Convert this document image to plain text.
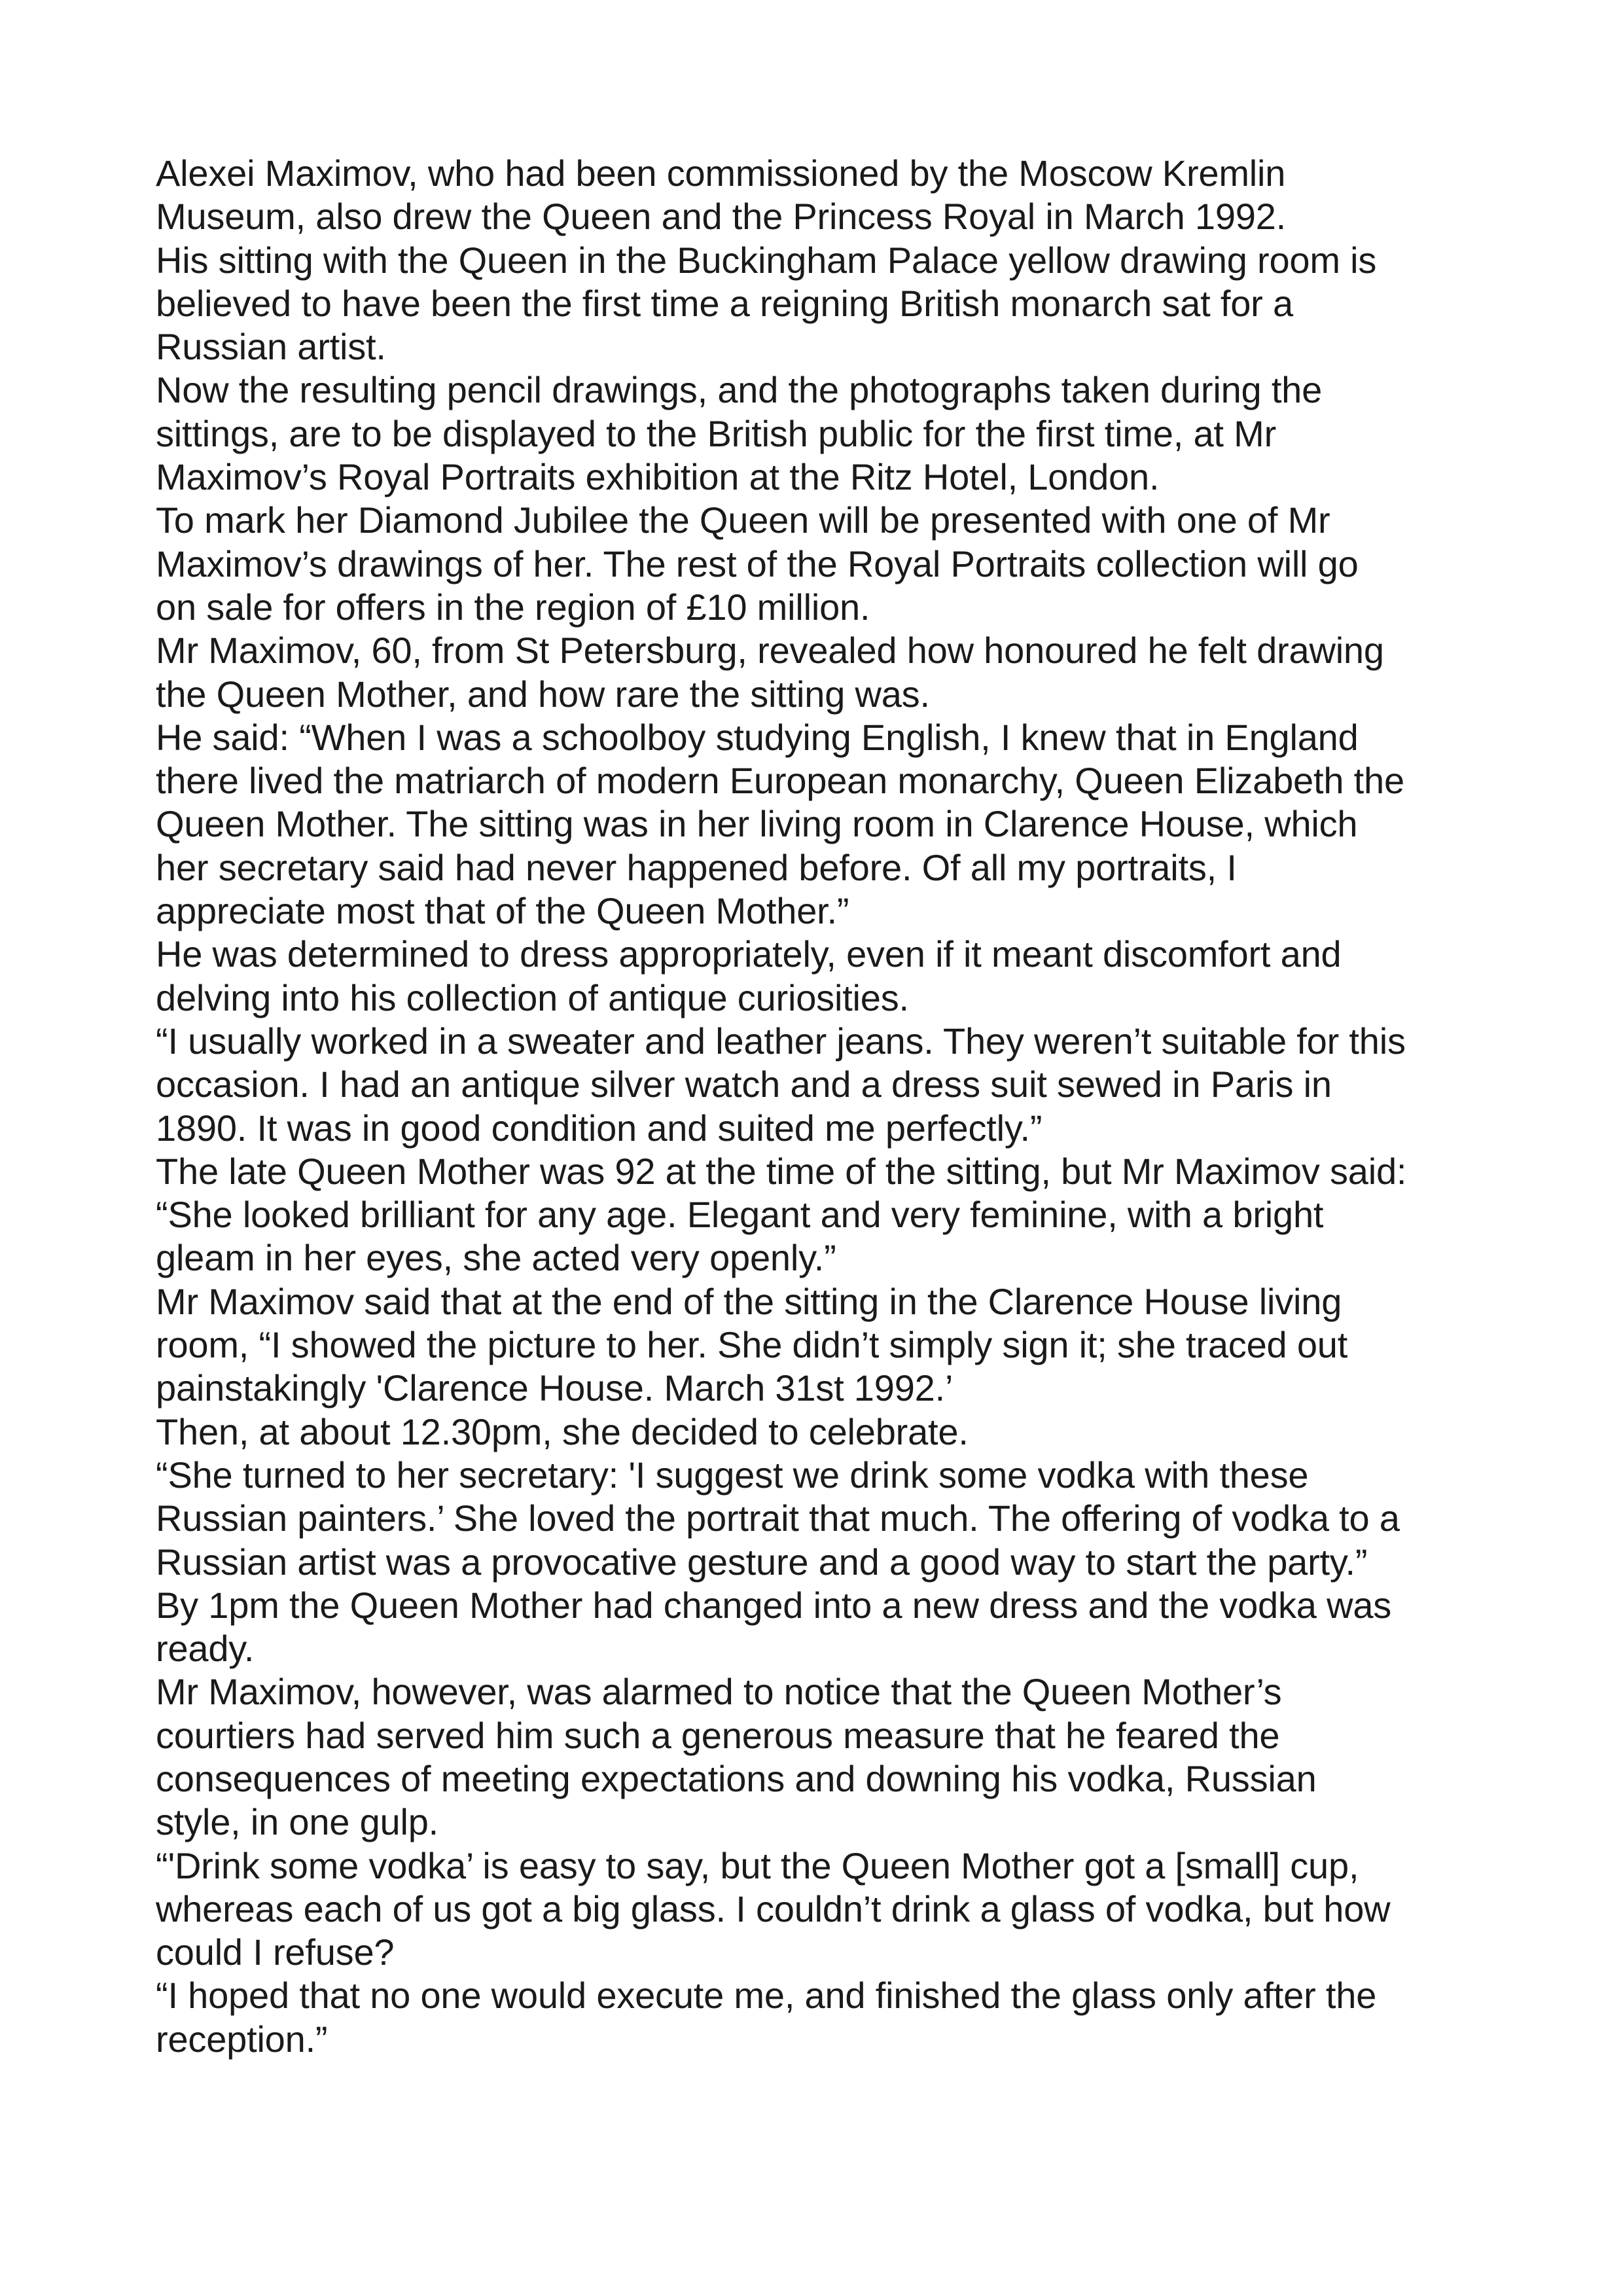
Alexei Maximov, who had been commissioned by the Moscow Kremlin
Museum, also drew the Queen and the Princess Royal in March 1992.
His sitting with the Queen in the Buckingham Palace yellow drawing room is
believed to have been the first time a reigning British monarch sat for a
Russian artist.
Now the resulting pencil drawings, and the photographs taken during the
sittings, are to be displayed to the British public for the first time, at Mr
Maximov’s Royal Portraits exhibition at the Ritz Hotel, London.
To mark her Diamond Jubilee the Queen will be presented with one of Mr
Maximov’s drawings of her. The rest of the Royal Portraits collection will go
on sale for offers in the region of £10 million.
Mr Maximov, 60, from St Petersburg, revealed how honoured he felt drawing
the Queen Mother, and how rare the sitting was.
He said: “When I was a schoolboy studying English, I knew that in England
there lived the matriarch of modern European monarchy, Queen Elizabeth the
Queen Mother. The sitting was in her living room in Clarence House, which
her secretary said had never happened before. Of all my portraits, I
appreciate most that of the Queen Mother.”
He was determined to dress appropriately, even if it meant discomfort and
delving into his collection of antique curiosities.
“I usually worked in a sweater and leather jeans. They weren’t suitable for this
occasion. I had an antique silver watch and a dress suit sewed in Paris in
1890. It was in good condition and suited me perfectly.”
The late Queen Mother was 92 at the time of the sitting, but Mr Maximov said:
“She looked brilliant for any age. Elegant and very feminine, with a bright
gleam in her eyes, she acted very openly.”
Mr Maximov said that at the end of the sitting in the Clarence House living
room, “I showed the picture to her. She didn’t simply sign it; she traced out
painstakingly 'Clarence House. March 31st 1992.’
Then, at about 12.30pm, she decided to celebrate.
“She turned to her secretary: 'I suggest we drink some vodka with these
Russian painters.’ She loved the portrait that much. The offering of vodka to a
Russian artist was a provocative gesture and a good way to start the party.”
By 1pm the Queen Mother had changed into a new dress and the vodka was
ready.
Mr Maximov, however, was alarmed to notice that the Queen Mother’s
courtiers had served him such a generous measure that he feared the
consequences of meeting expectations and downing his vodka, Russian
style, in one gulp.
“'Drink some vodka’ is easy to say, but the Queen Mother got a [small] cup,
whereas each of us got a big glass. I couldn’t drink a glass of vodka, but how
could I refuse?
“I hoped that no one would execute me, and finished the glass only after the
reception.”
